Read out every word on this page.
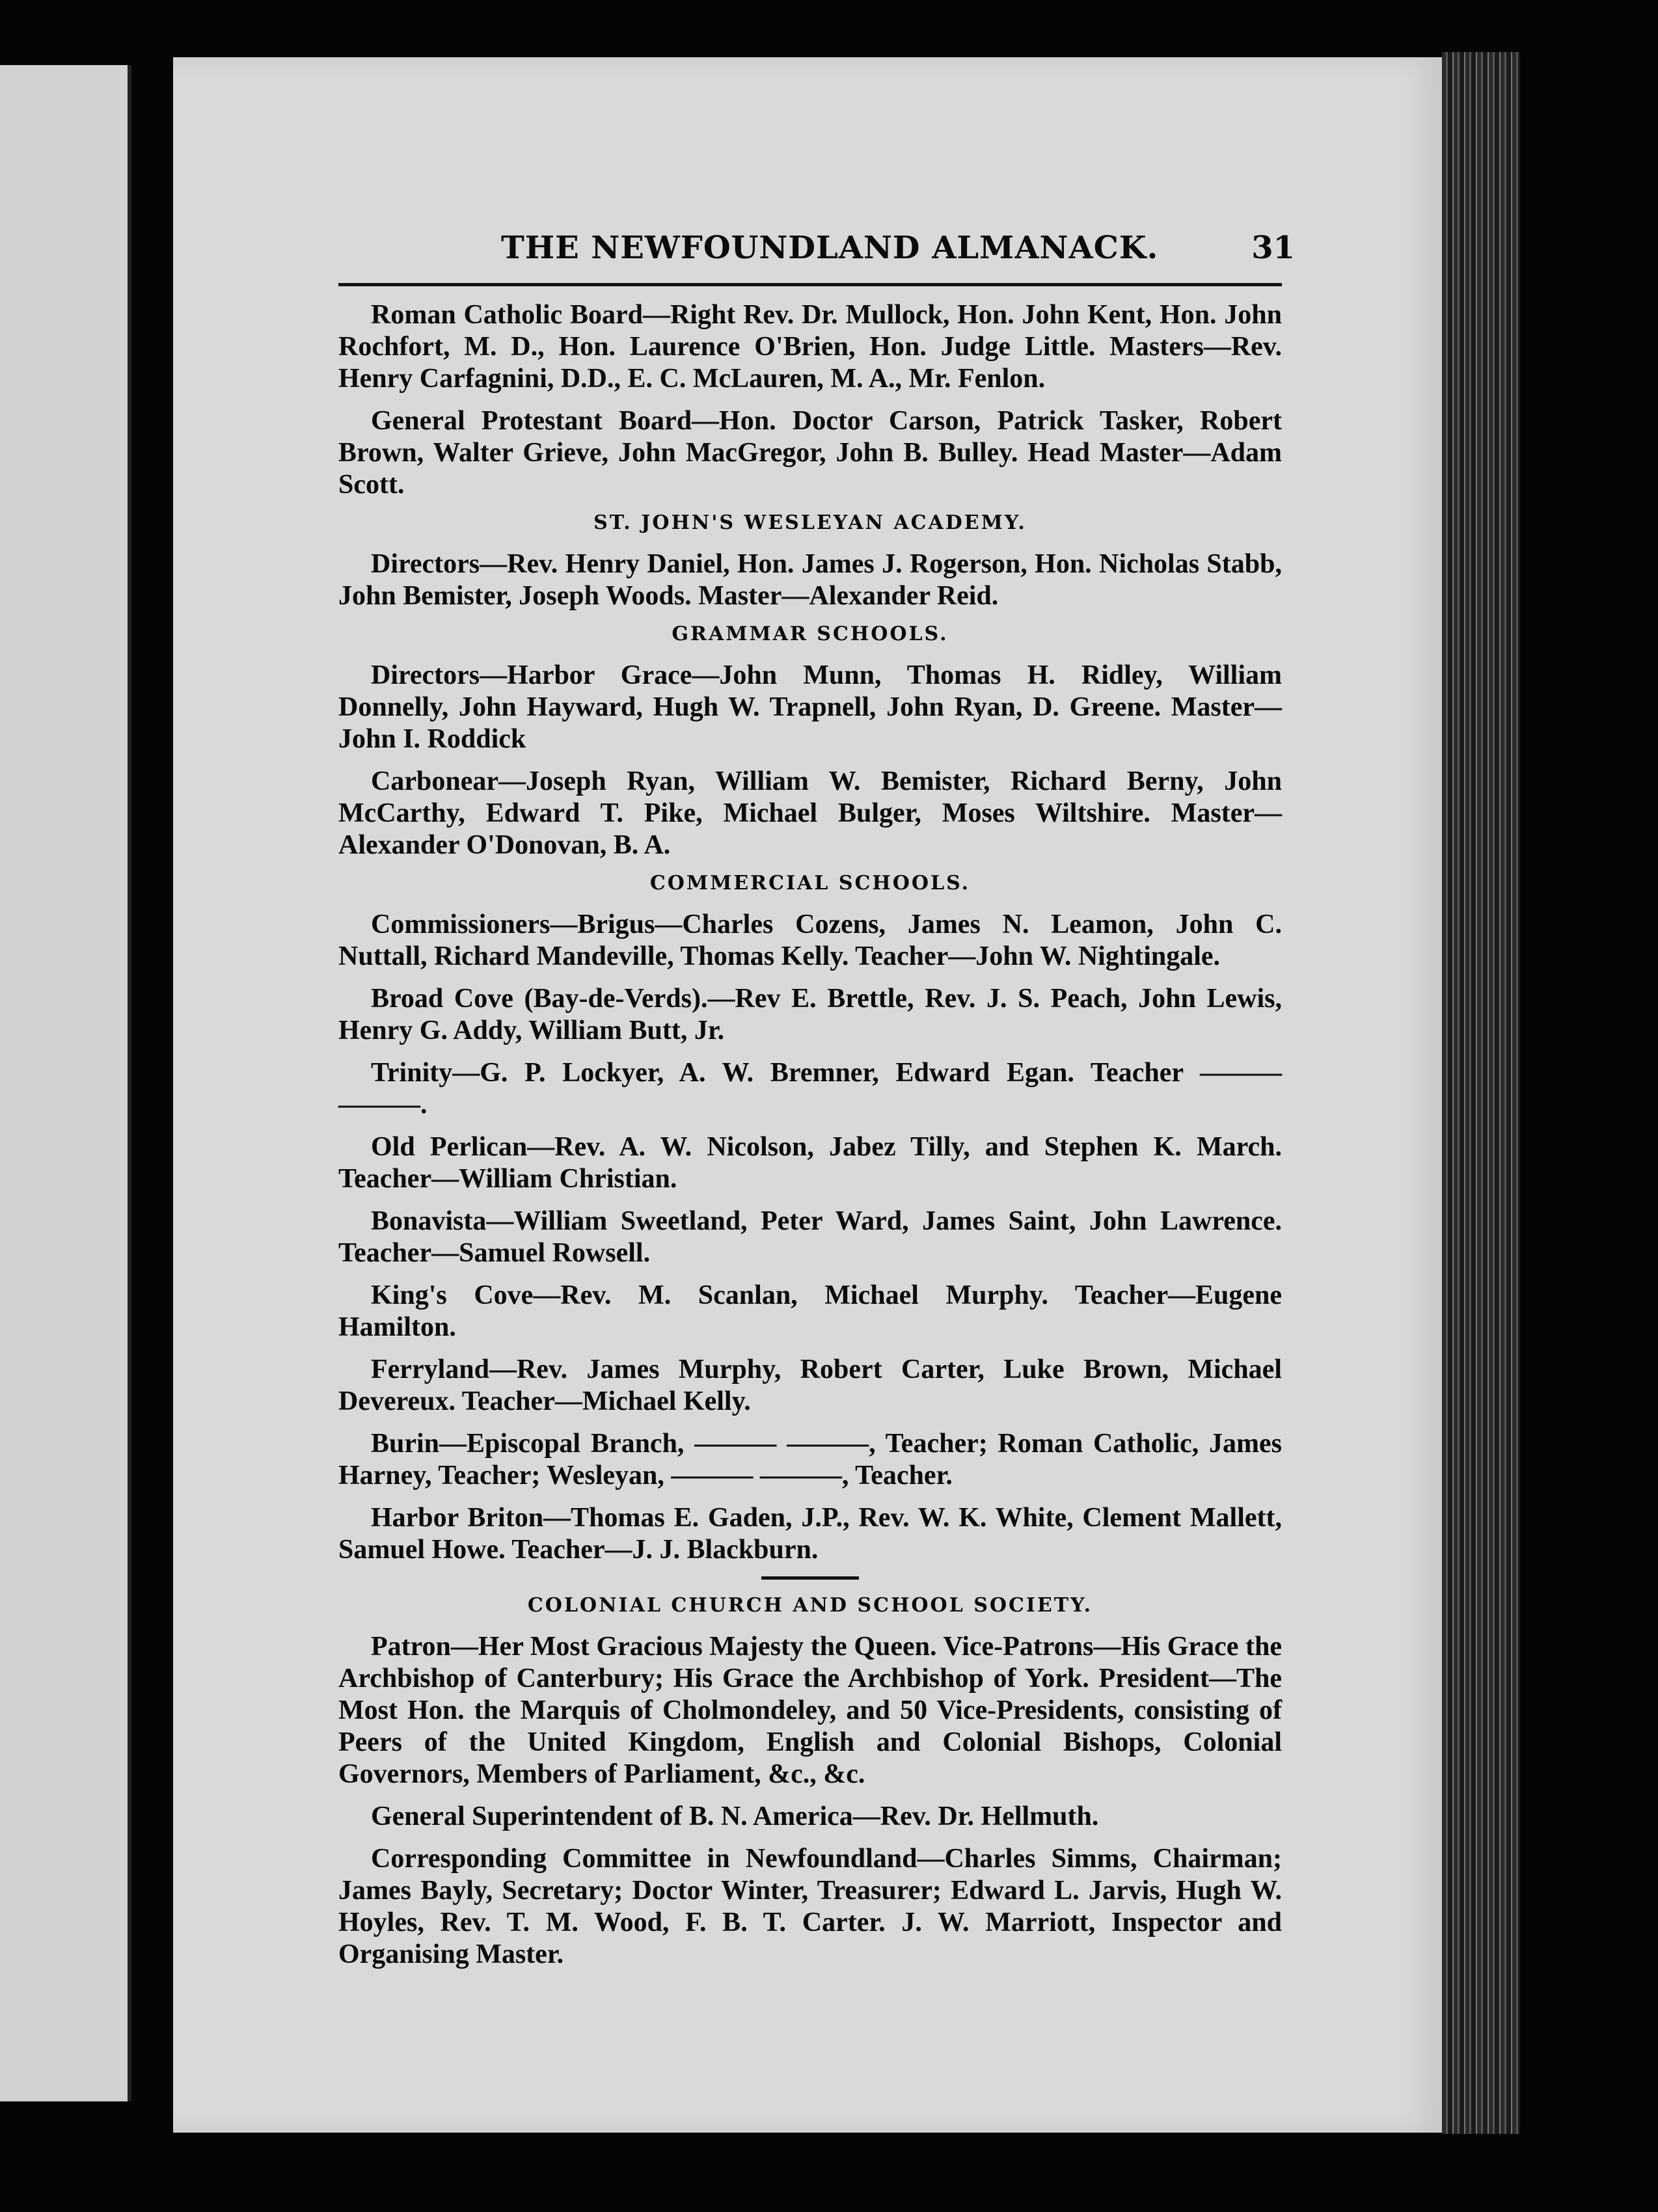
THE NEWFOUNDLAND ALMANACK.	31

Roman Catholic Board—Right Rev. Dr. Mullock, Hon. John Kent, Hon. John Rochfort, M. D., Hon. Laurence O'Brien, Hon. Judge Little. Masters—Rev. Henry Carfagnini, D.D., E. C. McLauren, M. A., Mr. Fenlon.

General Protestant Board—Hon. Doctor Carson, Patrick Tasker, Robert Brown, Walter Grieve, John MacGregor, John B. Bulley. Head Master—Adam Scott.

ST. JOHN'S WESLEYAN ACADEMY.

Directors—Rev. Henry Daniel, Hon. James J. Rogerson, Hon. Nicholas Stabb, John Bemister, Joseph Woods. Master—Alexander Reid.

GRAMMAR SCHOOLS.

Directors—Harbor Grace—John Munn, Thomas H. Ridley, William Donnelly, John Hayward, Hugh W. Trapnell, John Ryan, D. Greene. Master—John I. Roddick

Carbonear—Joseph Ryan, William W. Bemister, Richard Berny, John McCarthy, Edward T. Pike, Michael Bulger, Moses Wiltshire. Master—Alexander O'Donovan, B. A.

COMMERCIAL SCHOOLS.

Commissioners—Brigus—Charles Cozens, James N. Leamon, John C. Nuttall, Richard Mandeville, Thomas Kelly. Teacher—John W. Nightingale.

Broad Cove (Bay-de-Verds).—Rev E. Brettle, Rev. J. S. Peach, John Lewis, Henry G. Addy, William Butt, Jr.

Trinity—G. P. Lockyer, A. W. Bremner, Edward Egan. Teacher ——— ———.

Old Perlican—Rev. A. W. Nicolson, Jabez Tilly, and Stephen K. March. Teacher—William Christian.

Bonavista—William Sweetland, Peter Ward, James Saint, John Lawrence. Teacher—Samuel Rowsell.

King's Cove—Rev. M. Scanlan, Michael Murphy. Teacher—Eugene Hamilton.

Ferryland—Rev. James Murphy, Robert Carter, Luke Brown, Michael Devereux. Teacher—Michael Kelly.

Burin—Episcopal Branch, ——— ———, Teacher; Roman Catholic, James Harney, Teacher; Wesleyan, ——— ———, Teacher.

Harbor Briton—Thomas E. Gaden, J.P., Rev. W. K. White, Clement Mallett, Samuel Howe. Teacher—J. J. Blackburn.

COLONIAL CHURCH AND SCHOOL SOCIETY.

Patron—Her Most Gracious Majesty the Queen. Vice-Patrons—His Grace the Archbishop of Canterbury; His Grace the Archbishop of York. President—The Most Hon. the Marquis of Cholmondeley, and 50 Vice-Presidents, consisting of Peers of the United Kingdom, English and Colonial Bishops, Colonial Governors, Members of Parliament, &c., &c.

General Superintendent of B. N. America—Rev. Dr. Hellmuth.

Corresponding Committee in Newfoundland—Charles Simms, Chairman; James Bayly, Secretary; Doctor Winter, Treasurer; Edward L. Jarvis, Hugh W. Hoyles, Rev. T. M. Wood, F. B. T. Carter. J. W. Marriott, Inspector and Organising Master.
